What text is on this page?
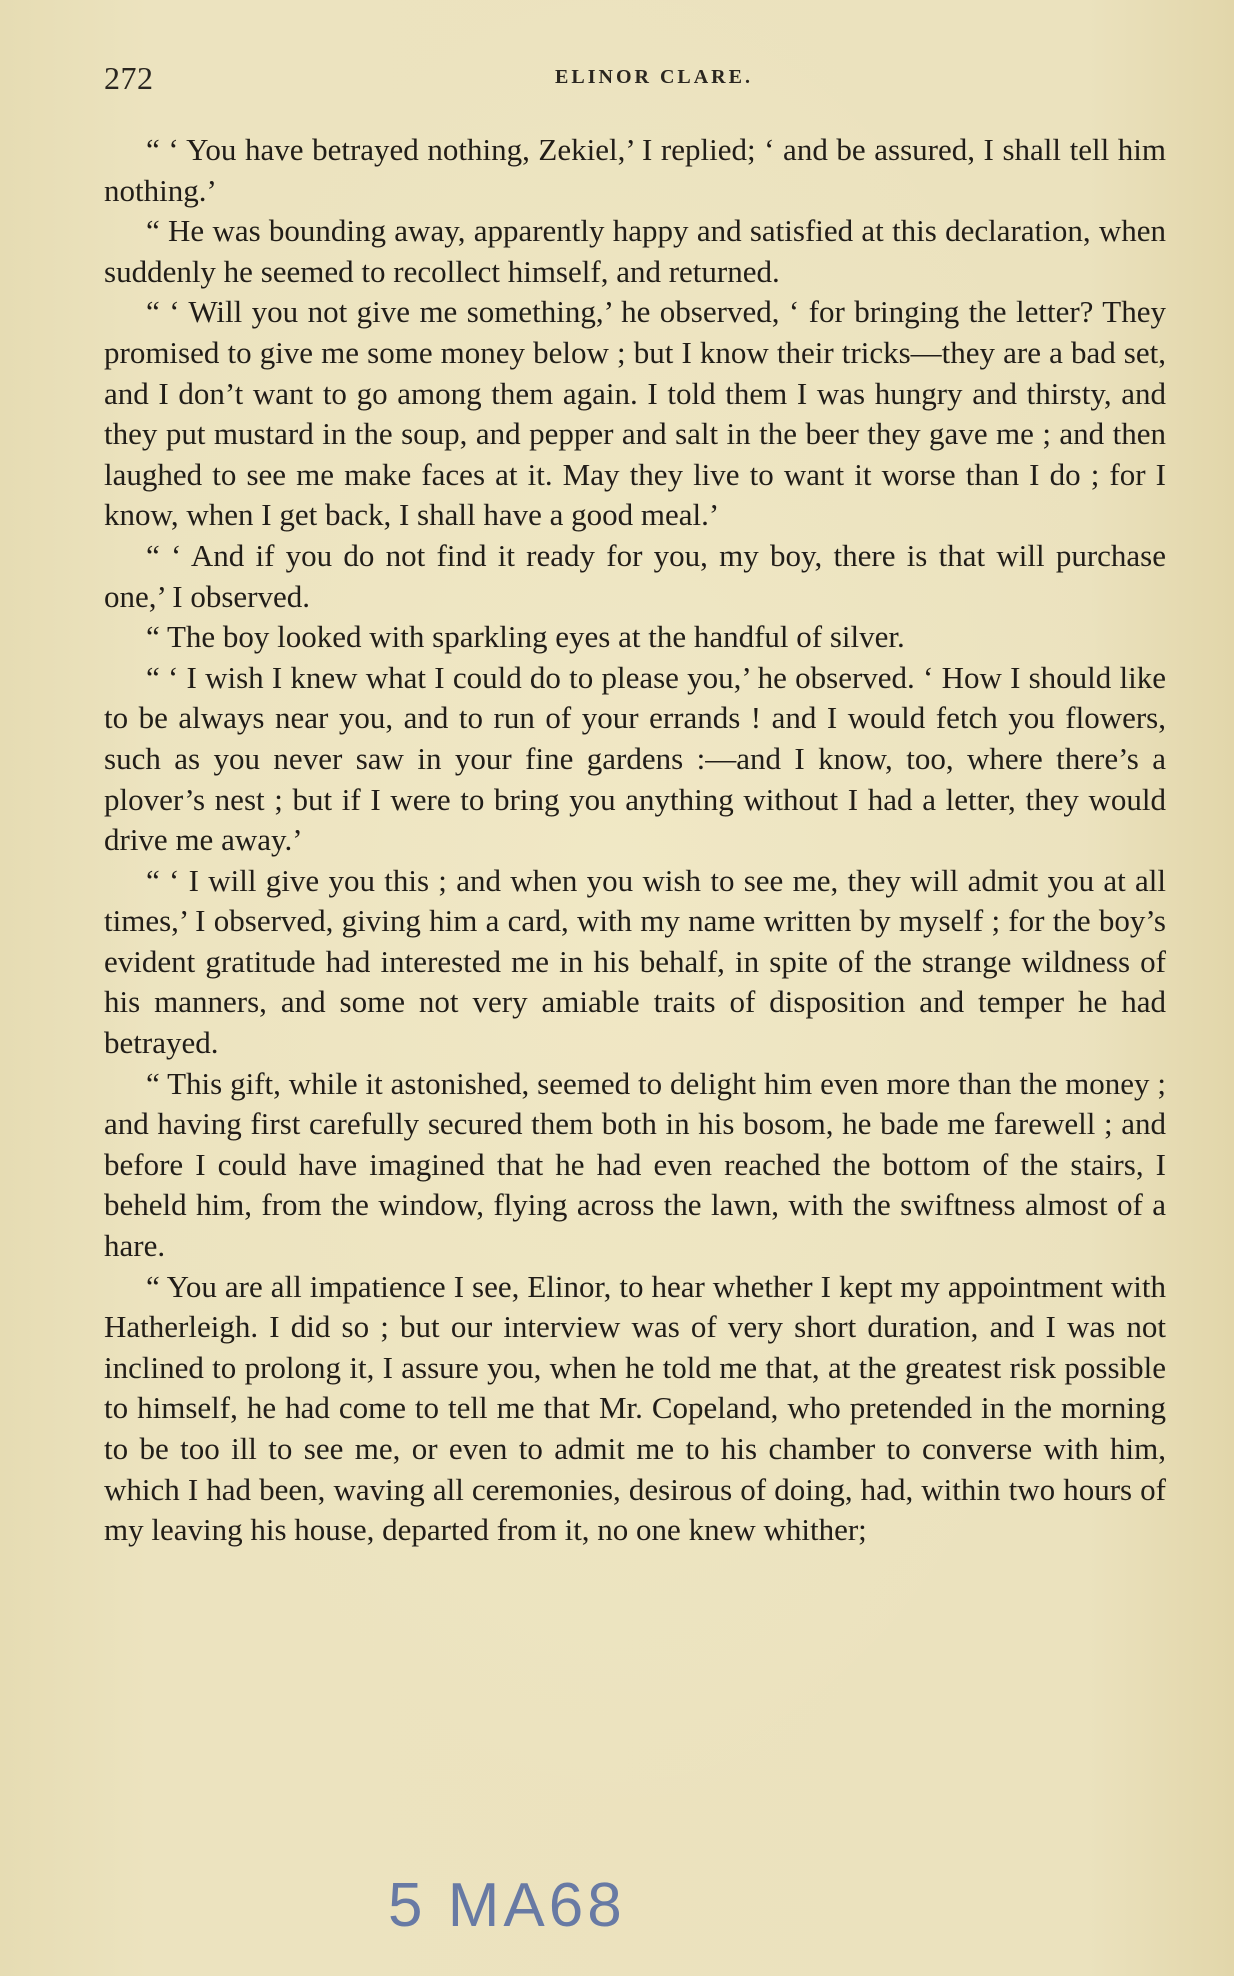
272	ELINOR CLARE.

“ ‘ You have betrayed nothing, Zekiel,’ I replied; ‘ and be assured, I shall tell him nothing.’

“ He was bounding away, apparently happy and satisfied at this declaration, when suddenly he seemed to recollect himself, and returned.

“ ‘ Will you not give me something,’ he observed, ‘ for bringing the letter? They promised to give me some money below ; but I know their tricks—they are a bad set, and I don’t want to go among them again. I told them I was hungry and thirsty, and they put mustard in the soup, and pepper and salt in the beer they gave me ; and then laughed to see me make faces at it. May they live to want it worse than I do ; for I know, when I get back, I shall have a good meal.’

“ ‘ And if you do not find it ready for you, my boy, there is that will purchase one,’ I observed.

“ The boy looked with sparkling eyes at the handful of silver.

“ ‘ I wish I knew what I could do to please you,’ he observed. ‘ How I should like to be always near you, and to run of your errands ! and I would fetch you flowers, such as you never saw in your fine gardens :—and I know, too, where there’s a plover’s nest ; but if I were to bring you anything without I had a letter, they would drive me away.’

“ ‘ I will give you this ; and when you wish to see me, they will admit you at all times,’ I observed, giving him a card, with my name written by myself ; for the boy’s evident gratitude had interested me in his behalf, in spite of the strange wildness of his manners, and some not very amiable traits of disposition and temper he had betrayed.

“ This gift, while it astonished, seemed to delight him even more than the money ; and having first carefully secured them both in his bosom, he bade me farewell ; and before I could have imagined that he had even reached the bottom of the stairs, I beheld him, from the window, flying across the lawn, with the swiftness almost of a hare.

“ You are all impatience I see, Elinor, to hear whether I kept my appointment with Hatherleigh. I did so ; but our interview was of very short duration, and I was not inclined to prolong it, I assure you, when he told me that, at the greatest risk possible to himself, he had come to tell me that Mr. Copeland, who pretended in the morning to be too ill to see me, or even to admit me to his chamber to converse with him, which I had been, waving all ceremonies, desirous of doing, had, within two hours of my leaving his house, departed from it, no one knew whither;

5 MA68
